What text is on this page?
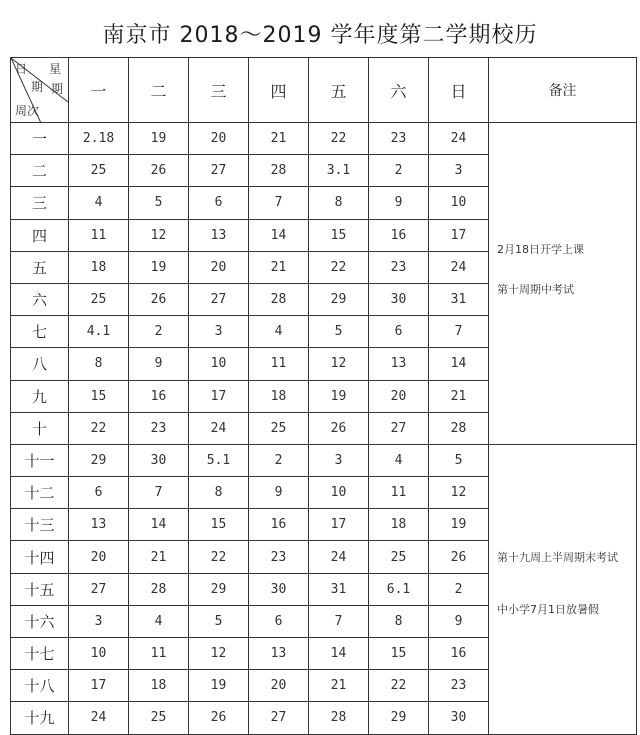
南京市 2018～2019 学年度第二学期校历
日 星
期 期
周次	一	二	三	四	五	六	日	备注
一	2.18	19	20	21	22	23	24	2月18日开学上课
第十周期中考试

二	25	26	27	28	3.1	2	3	
三	4	5	6	7	8	9	10	
四	11	12	13	14	15	16	17	
五	18	19	20	21	22	23	24	
六	25	26	27	28	29	30	31	
七	4.1	2	3	4	5	6	7	
八	8	9	10	11	12	13	14	
九	15	16	17	18	19	20	21	
十	22	23	24	25	26	27	28	
十一	29	30	5.1	2	3	4	5	第十九周上半周期末考试
中小学7月1日放暑假

十二	6	7	8	9	10	11	12	
十三	13	14	15	16	17	18	19	
十四	20	21	22	23	24	25	26	
十五	27	28	29	30	31	6.1	2	
十六	3	4	5	6	7	8	9	
十七	10	11	12	13	14	15	16	
十八	17	18	19	20	21	22	23	
十九	24	25	26	27	28	29	30	
